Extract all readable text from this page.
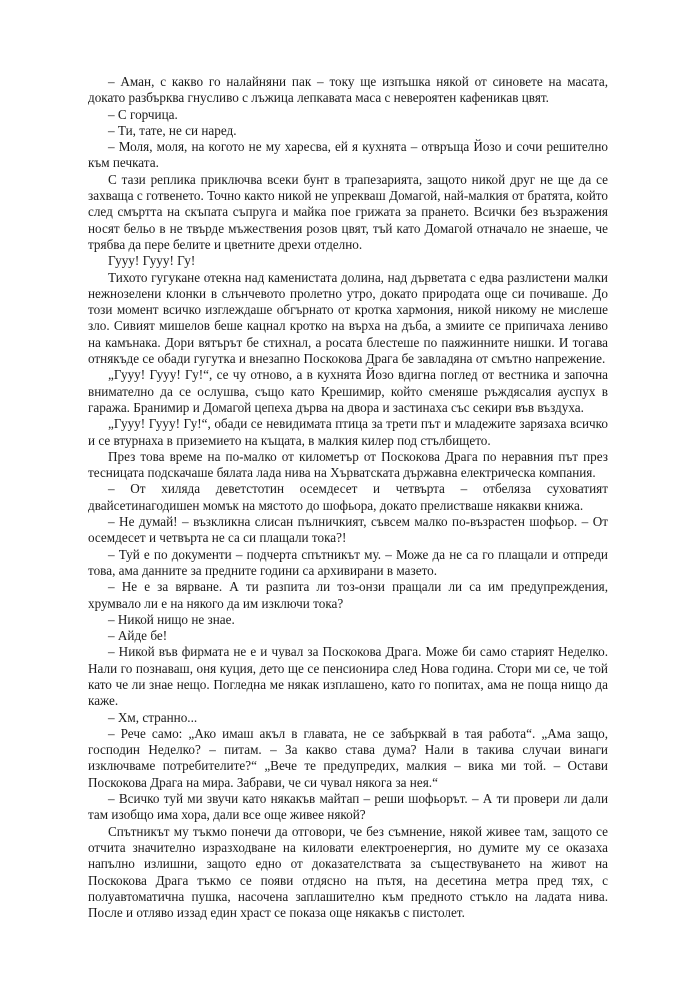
– Аман, с какво го налайняни пак – току ще изпъшка някой от синовете на масата, докато разбърква гнусливо с лъжица лепкавата маса с невероятен кафеникав цвят.

– С горчица.

– Ти, тате, не си наред.

– Моля, моля, на когото не му харесва, ей я кухнята – отвръща Йозо и сочи решително към печката.

С тази реплика приключва всеки бунт в трапезарията, защото никой друг не ще да се захваща с готвенето. Точно както никой не упрекваш Домагой, най-малкия от братята, който след смъртта на скъпата съпруга и майка пое грижата за прането. Всички без възражения носят бельо в не твърде мъжествения розов цвят, тъй като Домагой отначало не знаеше, че трябва да пере белите и цветните дрехи отделно.

Гууу! Гууу! Гу!

Тихото гугукане отекна над каменистата долина, над дърветата с едва разлистени малки нежнозелени клонки в слънчевото пролетно утро, докато природата още си почиваше. До този момент всичко изглеждаше обгърнато от кротка хармония, никой никому не мислеше зло. Сивият мишелов беше кацнал кротко на върха на дъба, а змиите се припичаха лениво на камънака. Дори вятърът бе стихнал, а росата блестеше по паяжинните нишки. И тогава отнякъде се обади гугутка и внезапно Поскокова Драга бе завладяна от смътно напрежение.

„Гууу! Гууу! Гу!“, се чу отново, а в кухнята Йозо вдигна поглед от вестника и започна внимателно да се ослушва, също като Крешимир, който сменяше ръждясалия ауспух в гаража. Бранимир и Домагой цепеха дърва на двора и застинаха със секири във въздуха.

„Гууу! Гууу! Гу!“, обади се невидимата птица за трети път и младежите зарязаха всичко и се втурнаха в приземието на къщата, в малкия килер под стълбището.

През това време на по-малко от километър от Поскокова Драга по неравния път през тесницата подскачаше бялата лада нива на Хърватската държавна електрическа компания.

– От хиляда деветстотин осемдесет и четвърта – отбеляза суховатият двайсетинагодишен момък на мястото до шофьора, докато прелистваше някакви книжа.

– Не думай! – възкликна слисан пълничкият, съвсем малко по-възрастен шофьор. – От осемдесет и четвърта не са си плащали тока?!

– Туй е по документи – подчерта спътникът му. – Може да не са го плащали и отпреди това, ама данните за предните години са архивирани в мазето.

– Не е за вярване. А ти разпита ли тоз-онзи пращали ли са им предупреждения, хрумвало ли е на някого да им изключи тока?

– Никой нищо не знае.

– Айде бе!

– Никой във фирмата не е и чувал за Поскокова Драга. Може би само старият Неделко. Нали го познаваш, оня куция, дето ще се пенсионира след Нова година. Стори ми се, че той като че ли знае нещо. Погледна ме някак изплашено, като го попитах, ама не поща нищо да каже.

– Хм, странно...

– Рече само: „Ако имаш акъл в главата, не се забърквай в тая работа“. „Ама защо, господин Неделко? – питам. – За какво става дума? Нали в такива случаи винаги изключваме потребителите?“ „Вече те предупредих, малкия – вика ми той. – Остави Поскокова Драга на мира. Забрави, че си чувал някога за нея.“

– Всичко туй ми звучи като някакъв майтап – реши шофьорът. – А ти провери ли дали там изобщо има хора, дали все още живее някой?

Спътникът му тъкмо понечи да отговори, че без съмнение, някой живее там, защото се отчита значително изразходване на киловати електроенергия, но думите му се оказаха напълно излишни, защото едно от доказателствата за съществуването на живот на Поскокова Драга тъкмо се появи отдясно на пътя, на десетина метра пред тях, с полуавтоматична пушка, насочена заплашително към предното стъкло на ладата нива. После и отляво иззад един храст се показа още някакъв с пистолет.
